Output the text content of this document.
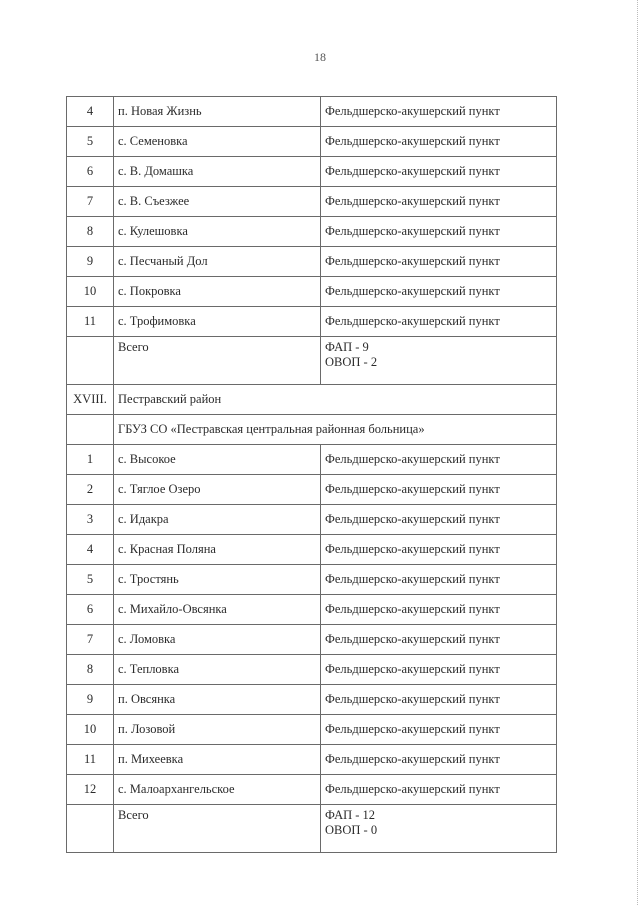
18
4	п. Новая Жизнь	Фельдшерско-акушерский пункт
5	с. Семеновка	Фельдшерско-акушерский пункт
6	с. В. Домашка	Фельдшерско-акушерский пункт
7	с. В. Съезжее	Фельдшерско-акушерский пункт
8	с. Кулешовка	Фельдшерско-акушерский пункт
9	с. Песчаный Дол	Фельдшерско-акушерский пункт
10	с. Покровка	Фельдшерско-акушерский пункт
11	с. Трофимовка	Фельдшерско-акушерский пункт
	Всего	ФАП - 9
ОВОП - 2

XVIII.	Пестравский район	
	ГБУЗ СО «Пестравская центральная районная больница»	
1	с. Высокое	Фельдшерско-акушерский пункт
2	с. Тяглое Озеро	Фельдшерско-акушерский пункт
3	с. Идакра	Фельдшерско-акушерский пункт
4	с. Красная Поляна	Фельдшерско-акушерский пункт
5	с. Тростянь	Фельдшерско-акушерский пункт
6	с. Михайло-Овсянка	Фельдшерско-акушерский пункт
7	с. Ломовка	Фельдшерско-акушерский пункт
8	с. Тепловка	Фельдшерско-акушерский пункт
9	п. Овсянка	Фельдшерско-акушерский пункт
10	п. Лозовой	Фельдшерско-акушерский пункт
11	п. Михеевка	Фельдшерско-акушерский пункт
12	с. Малоархангельское	Фельдшерско-акушерский пункт
	Всего	ФАП - 12
ОВОП - 0
